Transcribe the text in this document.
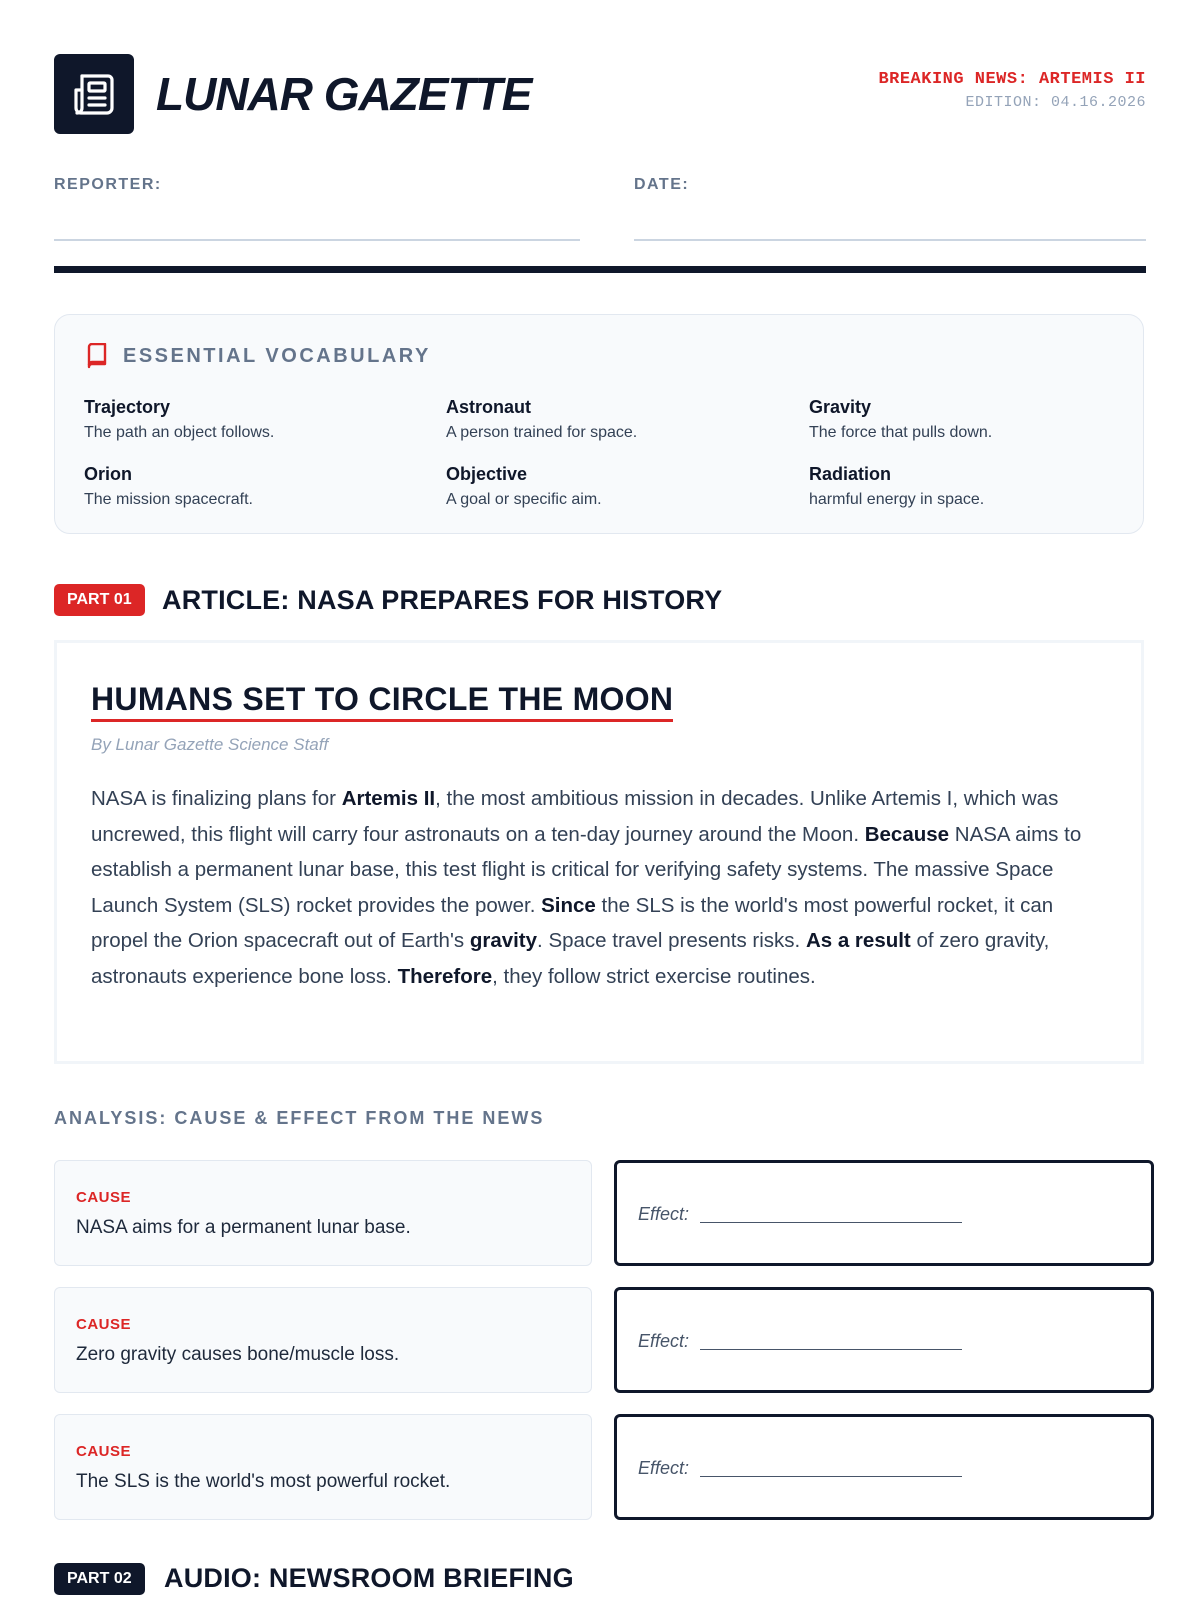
LUNAR GAZETTE	BREAKING NEWS: ARTEMIS II
EDITION: 04.16.2026
REPORTER:	DATE:
ESSENTIAL VOCABULARY
Trajectory
The path an object follows.
Astronaut
A person trained for space.
Gravity
The force that pulls down.
Orion
The mission spacecraft.
Objective
A goal or specific aim.
Radiation
harmful energy in space.
PART 01	ARTICLE: NASA PREPARES FOR HISTORY
HUMANS SET TO CIRCLE THE MOON
By Lunar Gazette Science Staff
NASA is finalizing plans for Artemis II, the most ambitious mission in decades. Unlike Artemis I, which was uncrewed, this flight will carry four astronauts on a ten-day journey around the Moon. Because NASA aims to establish a permanent lunar base, this test flight is critical for verifying safety systems. The massive Space Launch System (SLS) rocket provides the power. Since the SLS is the world's most powerful rocket, it can propel the Orion spacecraft out of Earth's gravity. Space travel presents risks. As a result of zero gravity, astronauts experience bone loss. Therefore, they follow strict exercise routines.
ANALYSIS: CAUSE & EFFECT FROM THE NEWS
CAUSE
NASA aims for a permanent lunar base.
Effect:
CAUSE
Zero gravity causes bone/muscle loss.
Effect:
CAUSE
The SLS is the world's most powerful rocket.
Effect:
PART 02	AUDIO: NEWSROOM BRIEFING
